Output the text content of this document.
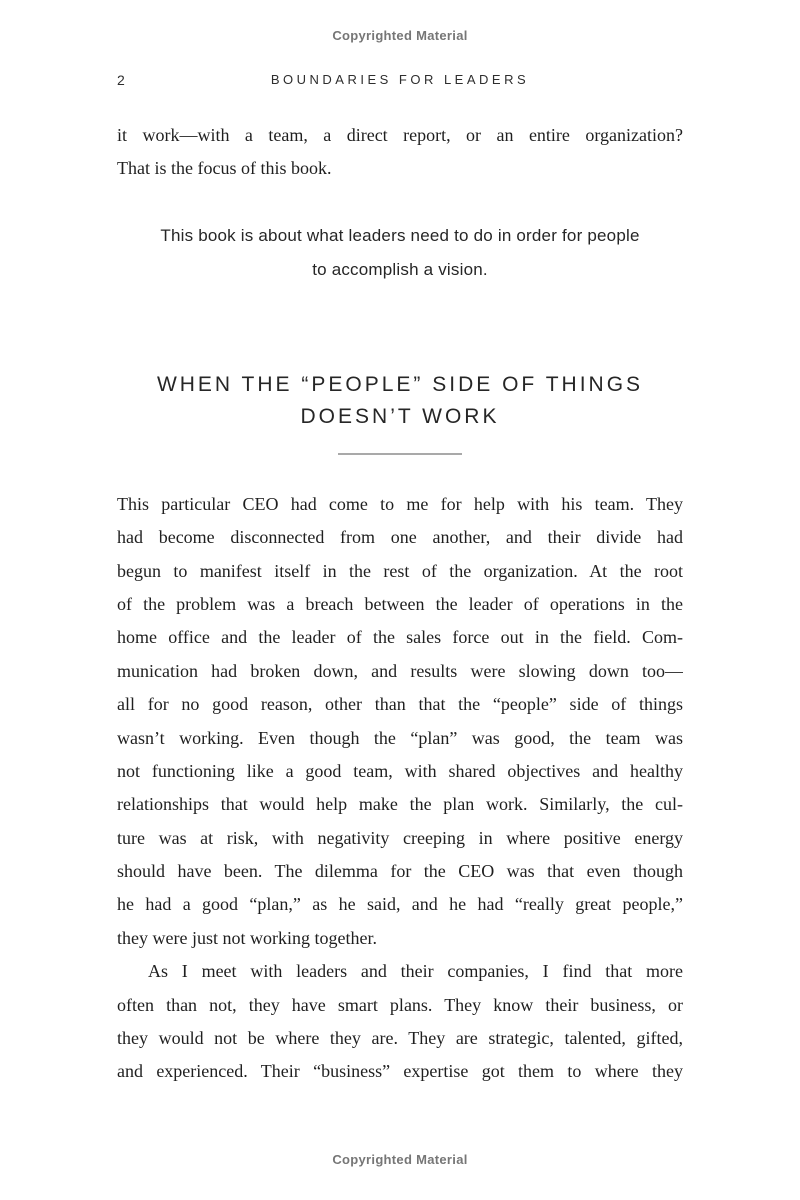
Copyrighted Material
2	BOUNDARIES FOR LEADERS
it work—with a team, a direct report, or an entire organization?
That is the focus of this book.
This book is about what leaders need to do in order for people
to accomplish a vision.
WHEN THE “PEOPLE” SIDE OF THINGS
DOESN’T WORK
This particular CEO had come to me for help with his team. They
had become disconnected from one another, and their divide had
begun to manifest itself in the rest of the organization. At the root
of the problem was a breach between the leader of operations in the
home office and the leader of the sales force out in the field. Com-
munication had broken down, and results were slowing down too—
all for no good reason, other than that the “people” side of things
wasn’t working. Even though the “plan” was good, the team was
not functioning like a good team, with shared objectives and healthy
relationships that would help make the plan work. Similarly, the cul-
ture was at risk, with negativity creeping in where positive energy
should have been. The dilemma for the CEO was that even though
he had a good “plan,” as he said, and he had “really great people,”
they were just not working together.
As I meet with leaders and their companies, I find that more
often than not, they have smart plans. They know their business, or
they would not be where they are. They are strategic, talented, gifted,
and experienced. Their “business” expertise got them to where they
Copyrighted Material
